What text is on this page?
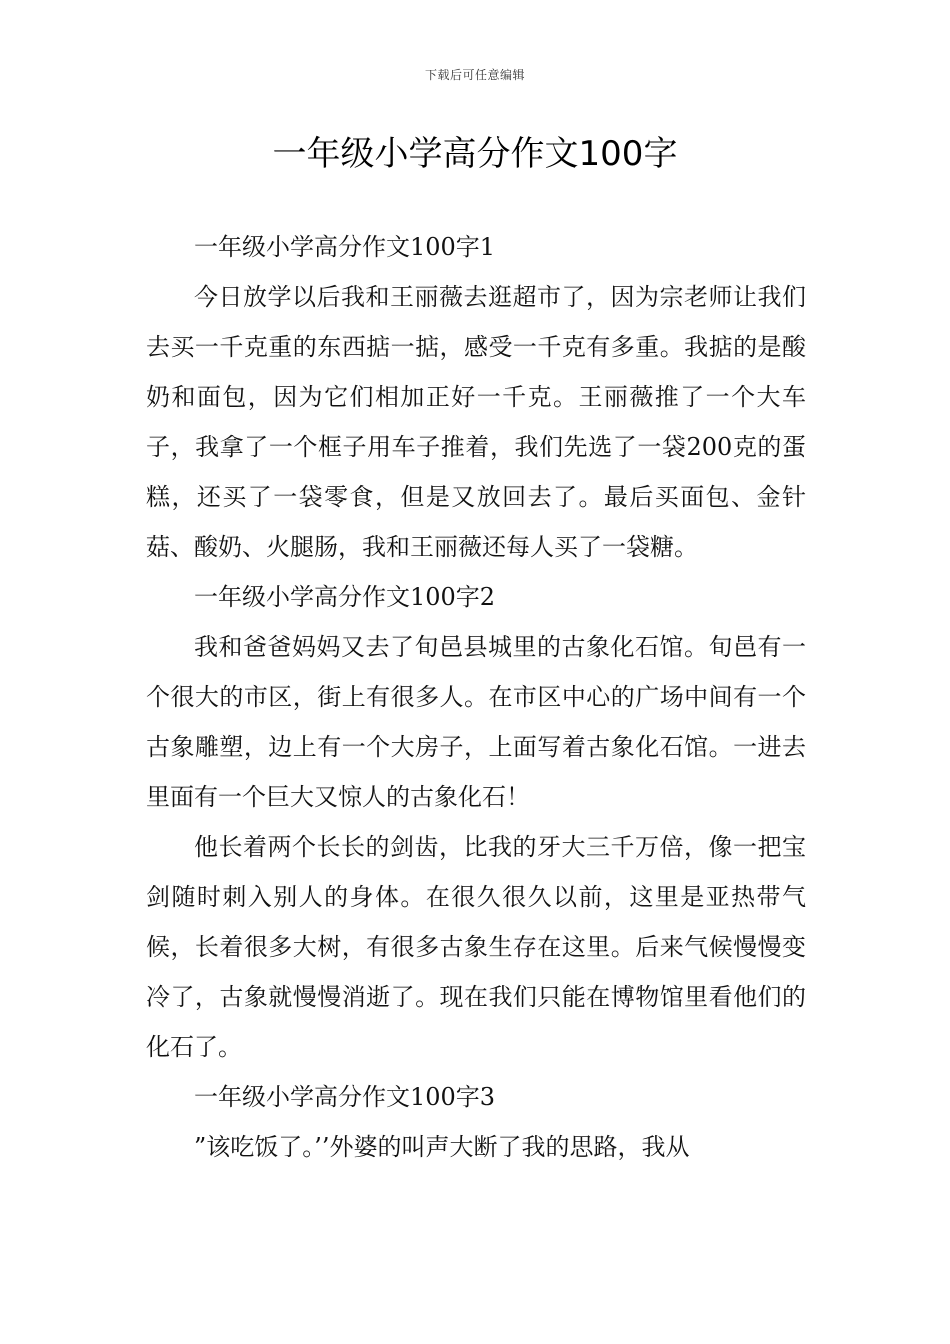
下载后可任意编辑
一年级小学高分作文100字

一年级小学高分作文100字1

今日放学以后我和王丽薇去逛超市了，因为宗老师让我们去买一千克重的东西掂一掂，感受一千克有多重。我掂的是酸奶和面包，因为它们相加正好一千克。王丽薇推了一个大车子，我拿了一个框子用车子推着，我们先选了一袋200克的蛋糕，还买了一袋零食，但是又放回去了。最后买面包、金针菇、酸奶、火腿肠，我和王丽薇还每人买了一袋糖。

一年级小学高分作文100字2

我和爸爸妈妈又去了旬邑县城里的古象化石馆。旬邑有一个很大的市区，街上有很多人。在市区中心的广场中间有一个古象雕塑，边上有一个大房子，上面写着古象化石馆。一进去里面有一个巨大又惊人的古象化石！

他长着两个长长的剑齿，比我的牙大三千万倍，像一把宝剑随时刺入别人的身体。在很久很久以前，这里是亚热带气候，长着很多大树，有很多古象生存在这里。后来气候慢慢变冷了，古象就慢慢消逝了。现在我们只能在博物馆里看他们的化石了。

一年级小学高分作文100字3

”该吃饭了。’’外婆的叫声大断了我的思路，我从
